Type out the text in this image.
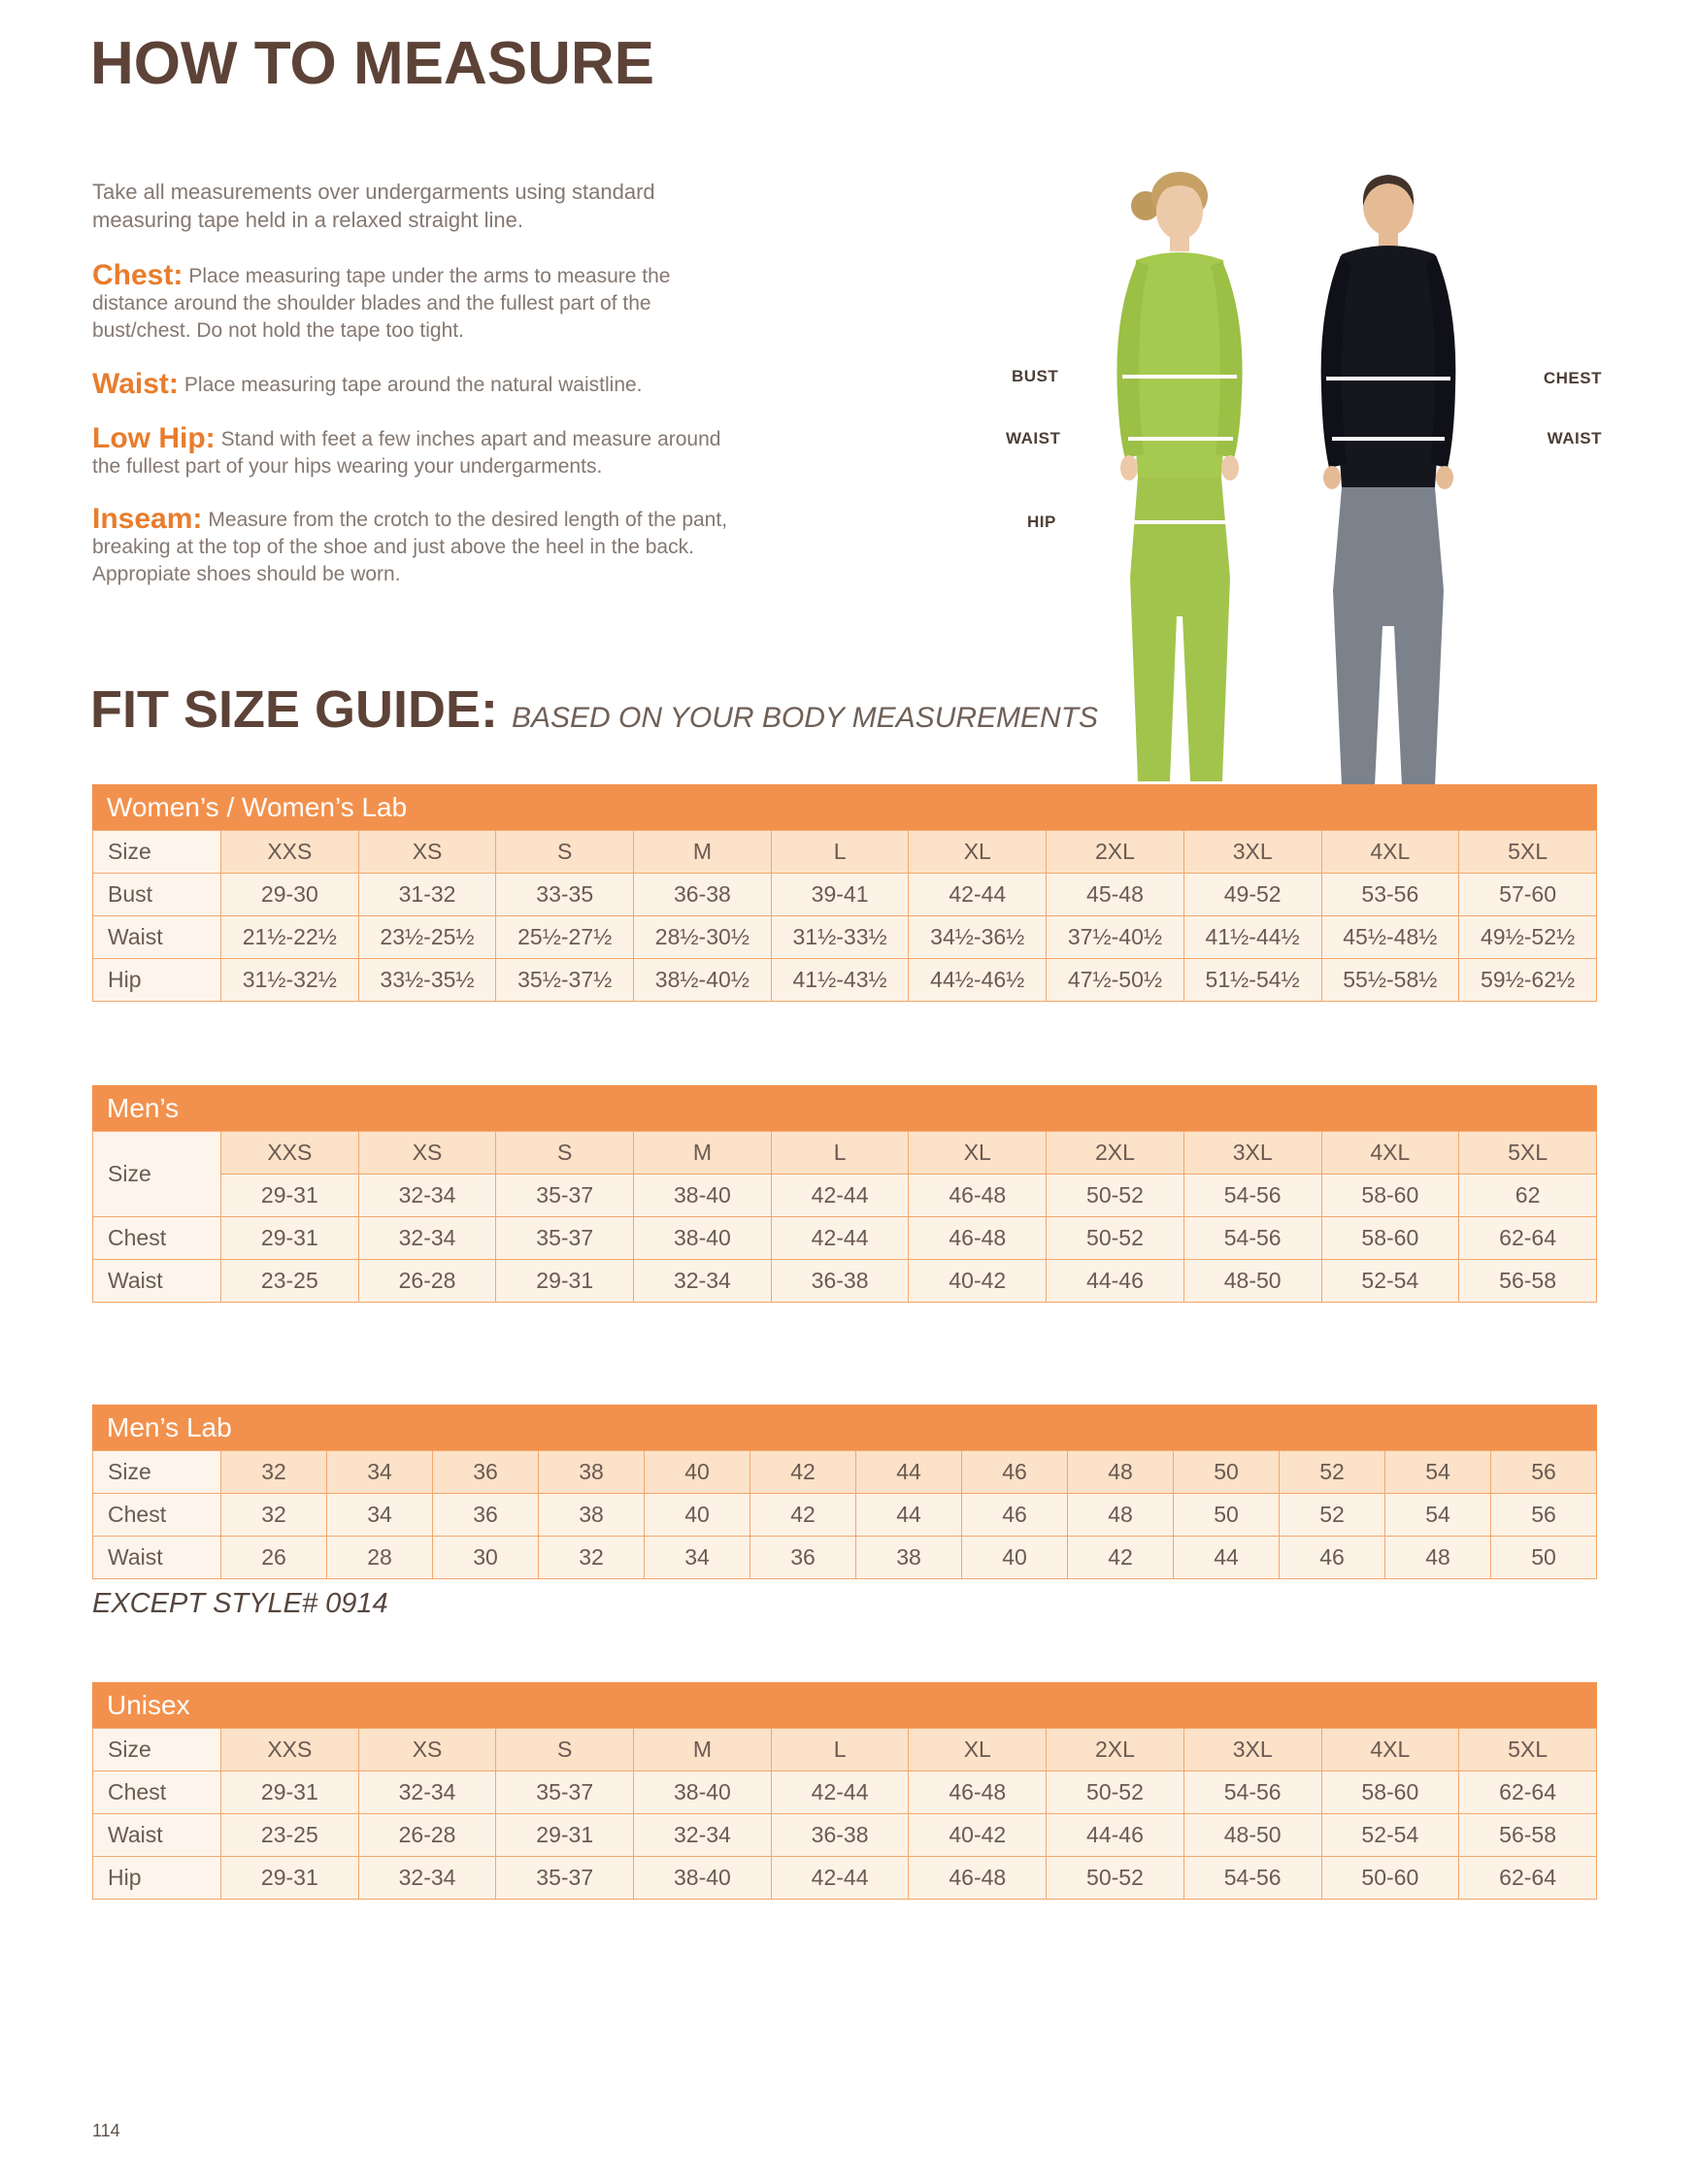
HOW TO MEASURE

Take all measurements over undergarments using standard measuring tape held in a relaxed straight line.

Chest: Place measuring tape under the arms to measure the distance around the shoulder blades and the fullest part of the bust/chest. Do not hold the tape too tight.

Waist: Place measuring tape around the natural waistline.

Low Hip: Stand with feet a few inches apart and measure around the fullest part of your hips wearing your undergarments.

Inseam: Measure from the crotch to the desired length of the pant, breaking at the top of the shoe and just above the heel in the back. Appropiate shoes should be worn.

BUST
WAIST
HIP
CHEST
WAIST
FIT SIZE GUIDE: BASED ON YOUR BODY MEASUREMENTS
Women’s / Women’s Lab
Size	XXS	XS	S	M	L	XL	2XL	3XL	4XL	5XL
Bust	29-30	31-32	33-35	36-38	39-41	42-44	45-48	49-52	53-56	57-60
Waist	21½-22½	23½-25½	25½-27½	28½-30½	31½-33½	34½-36½	37½-40½	41½-44½	45½-48½	49½-52½
Hip	31½-32½	33½-35½	35½-37½	38½-40½	41½-43½	44½-46½	47½-50½	51½-54½	55½-58½	59½-62½
Men’s
Size	XXS	XS	S	M	L	XL	2XL	3XL	4XL	5XL
	29-31	32-34	35-37	38-40	42-44	46-48	50-52	54-56	58-60	62
Chest	29-31	32-34	35-37	38-40	42-44	46-48	50-52	54-56	58-60	62-64
Waist	23-25	26-28	29-31	32-34	36-38	40-42	44-46	48-50	52-54	56-58
Men’s Lab
Size	32	34	36	38	40	42	44	46	48	50	52	54	56
Chest	32	34	36	38	40	42	44	46	48	50	52	54	56
Waist	26	28	30	32	34	36	38	40	42	44	46	48	50
Unisex
Size	XXS	XS	S	M	L	XL	2XL	3XL	4XL	5XL
Chest	29-31	32-34	35-37	38-40	42-44	46-48	50-52	54-56	58-60	62-64
Waist	23-25	26-28	29-31	32-34	36-38	40-42	44-46	48-50	52-54	56-58
Hip	29-31	32-34	35-37	38-40	42-44	46-48	50-52	54-56	50-60	62-64

EXCEPT STYLE# 0914

114
